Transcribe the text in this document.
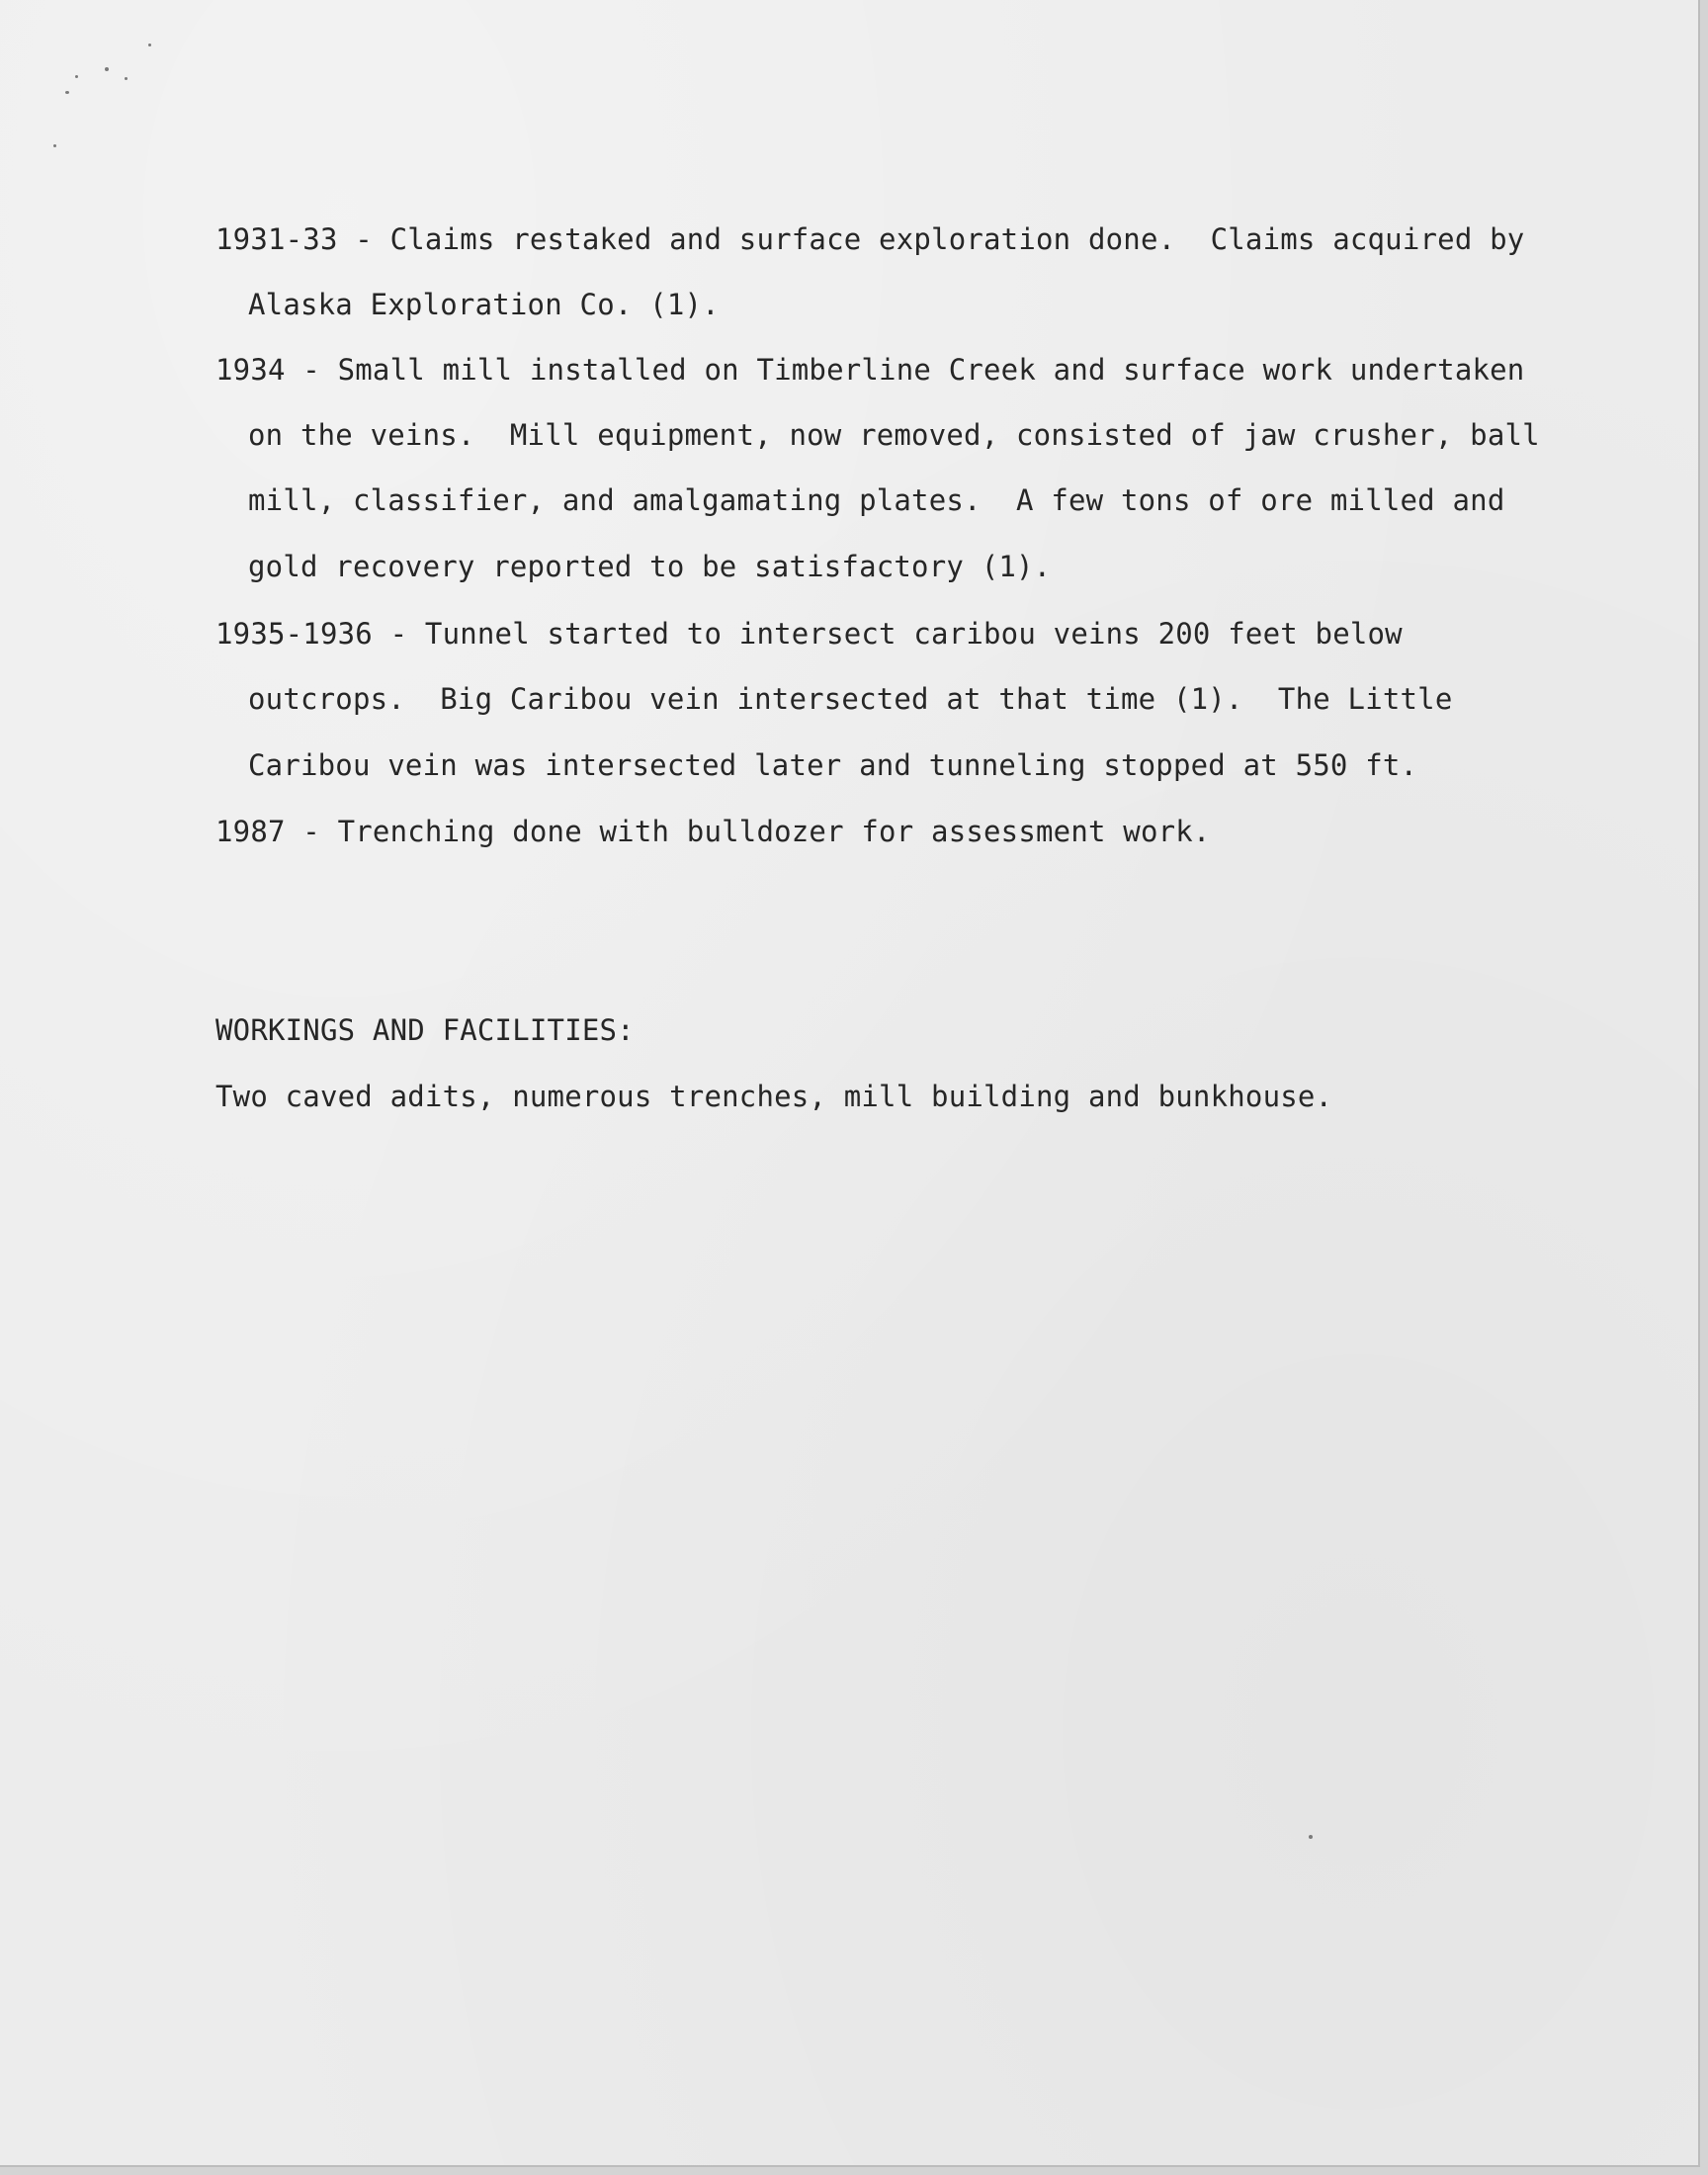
1931-33 - Claims restaked and surface exploration done.  Claims acquired by
Alaska Exploration Co. (1).
1934 - Small mill installed on Timberline Creek and surface work undertaken
on the veins.  Mill equipment, now removed, consisted of jaw crusher, ball
mill, classifier, and amalgamating plates.  A few tons of ore milled and
gold recovery reported to be satisfactory (1).
1935-1936 - Tunnel started to intersect caribou veins 200 feet below
outcrops.  Big Caribou vein intersected at that time (1).  The Little
Caribou vein was intersected later and tunneling stopped at 550 ft.
1987 - Trenching done with bulldozer for assessment work.
WORKINGS AND FACILITIES:
Two caved adits, numerous trenches, mill building and bunkhouse.
